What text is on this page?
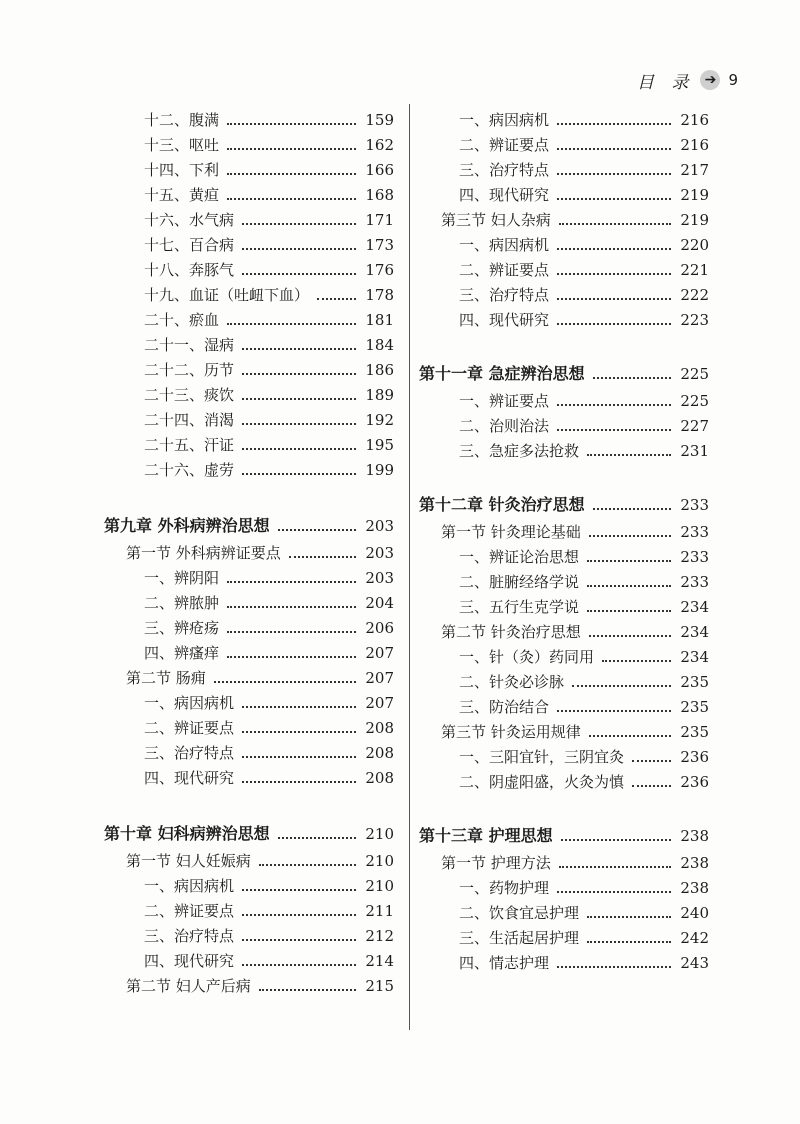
目 录 ➔ 9
十二、腹满	159
十三、呕吐	162
十四、下利	166
十五、黄疸	168
十六、水气病	171
十七、百合病	173
十八、奔豚气	176
十九、血证（吐衄下血）	178
二十、瘀血	181
二十一、湿病	184
二十二、历节	186
二十三、痰饮	189
二十四、消渴	192
二十五、汗证	195
二十六、虚劳	199
第九章 外科病辨治思想	203
第一节 外科病辨证要点	203
一、辨阴阳	203
二、辨脓肿	204
三、辨疮疡	206
四、辨瘙痒	207
第二节 肠痈	207
一、病因病机	207
二、辨证要点	208
三、治疗特点	208
四、现代研究	208
第十章 妇科病辨治思想	210
第一节 妇人妊娠病	210
一、病因病机	210
二、辨证要点	211
三、治疗特点	212
四、现代研究	214
第二节 妇人产后病	215
一、病因病机	216
二、辨证要点	216
三、治疗特点	217
四、现代研究	219
第三节 妇人杂病	219
一、病因病机	220
二、辨证要点	221
三、治疗特点	222
四、现代研究	223
第十一章 急症辨治思想	225
一、辨证要点	225
二、治则治法	227
三、急症多法抢救	231
第十二章 针灸治疗思想	233
第一节 针灸理论基础	233
一、辨证论治思想	233
二、脏腑经络学说	233
三、五行生克学说	234
第二节 针灸治疗思想	234
一、针（灸）药同用	234
二、针灸必诊脉	235
三、防治结合	235
第三节 针灸运用规律	235
一、三阳宜针，三阴宜灸	236
二、阴虚阳盛，火灸为慎	236
第十三章 护理思想	238
第一节 护理方法	238
一、药物护理	238
二、饮食宜忌护理	240
三、生活起居护理	242
四、情志护理	243
